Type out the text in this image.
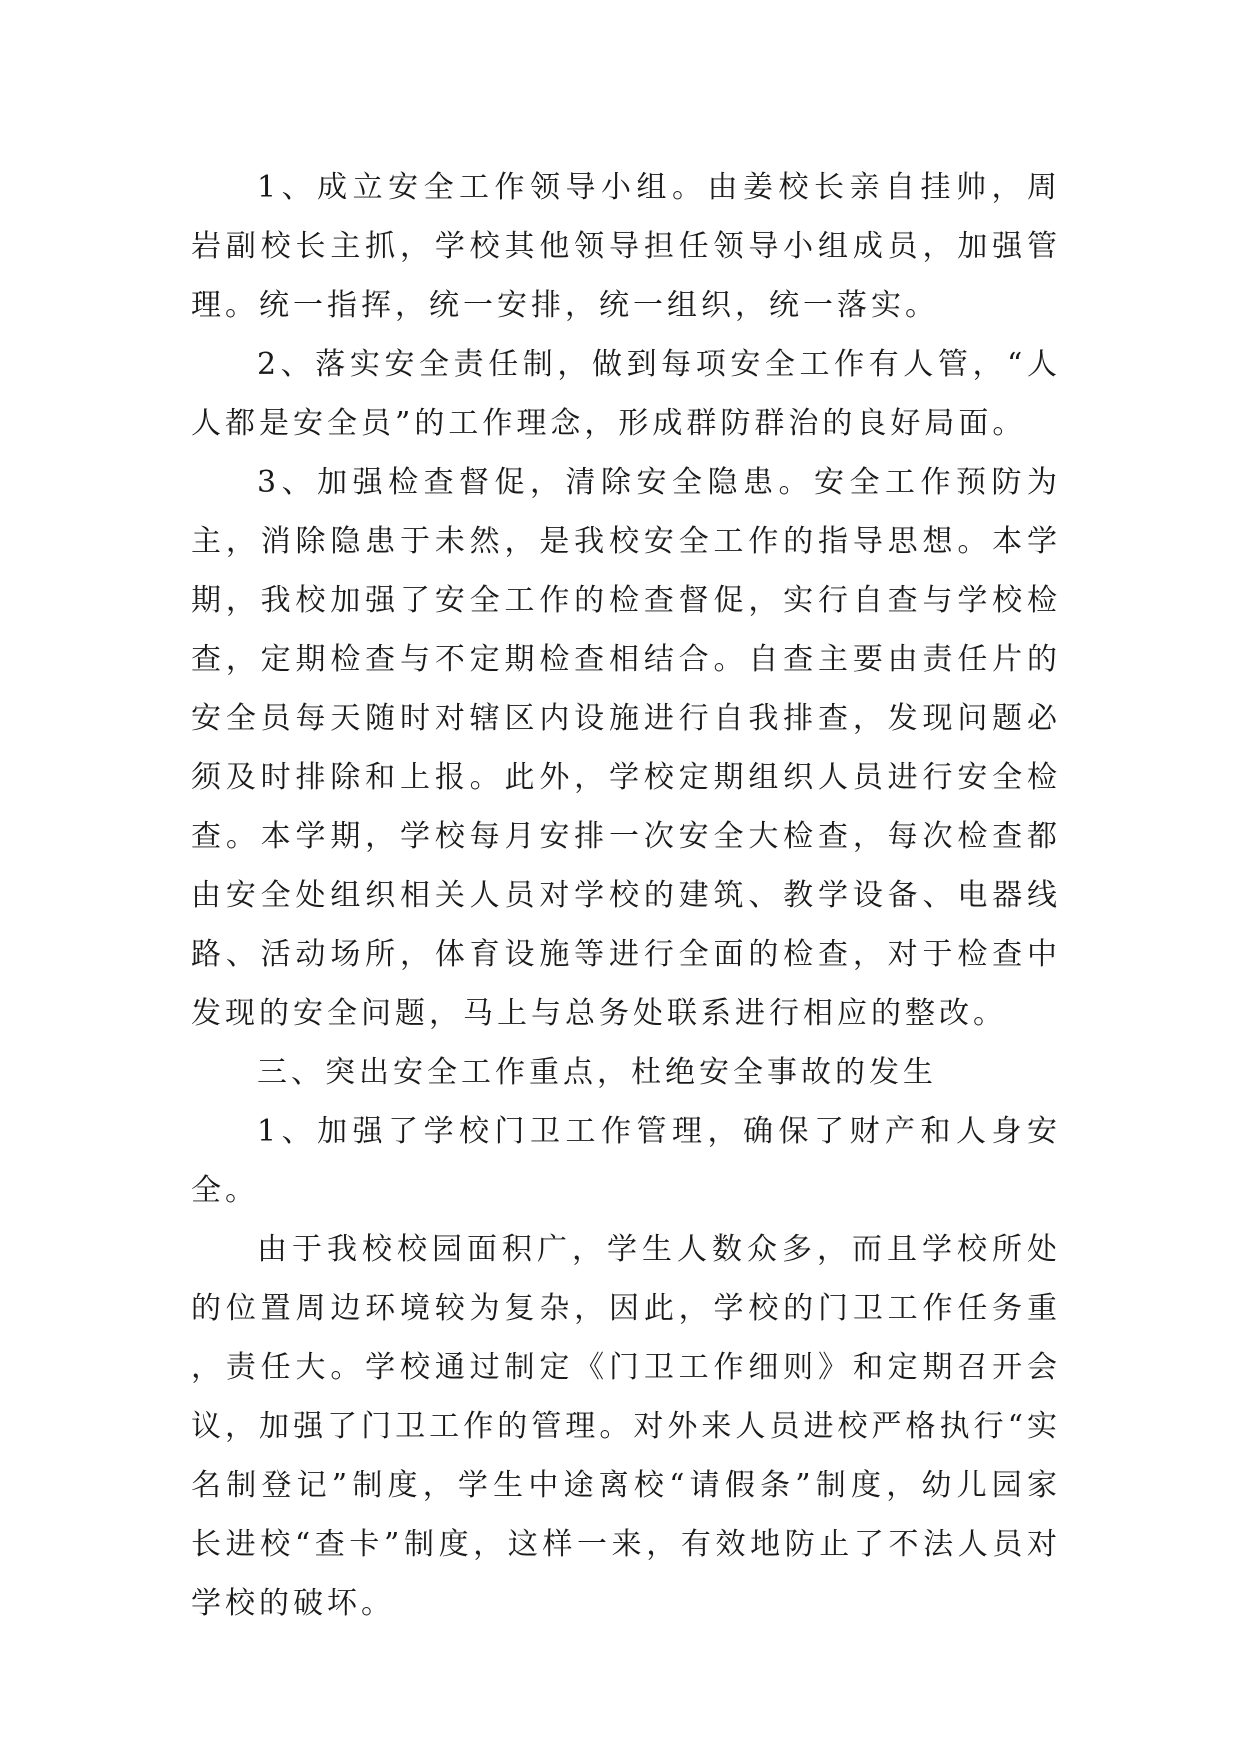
1、成立安全工作领导小组。由姜校长亲自挂帅，周岩副校长主抓，学校其他领导担任领导小组成员，加强管理。统一指挥，统一安排，统一组织，统一落实。

2、落实安全责任制，做到每项安全工作有人管，“人人都是安全员”的工作理念，形成群防群治的良好局面。

3、加强检查督促，清除安全隐患。安全工作预防为主，消除隐患于未然，是我校安全工作的指导思想。本学期，我校加强了安全工作的检查督促，实行自查与学校检查，定期检查与不定期检查相结合。自查主要由责任片的安全员每天随时对辖区内设施进行自我排查，发现问题必须及时排除和上报。此外，学校定期组织人员进行安全检查。本学期，学校每月安排一次安全大检查，每次检查都由安全处组织相关人员对学校的建筑、教学设备、电器线路、活动场所，体育设施等进行全面的检查，对于检查中发现的安全问题，马上与总务处联系进行相应的整改。

三、突出安全工作重点，杜绝安全事故的发生

1、加强了学校门卫工作管理，确保了财产和人身安全。

由于我校校园面积广，学生人数众多，而且学校所处的位置周边环境较为复杂，因此，学校的门卫工作任务重，责任大。学校通过制定《门卫工作细则》和定期召开会议，加强了门卫工作的管理。对外来人员进校严格执行“实名制登记”制度，学生中途离校“请假条”制度，幼儿园家长进校“查卡”制度，这样一来，有效地防止了不法人员对学校的破坏。
